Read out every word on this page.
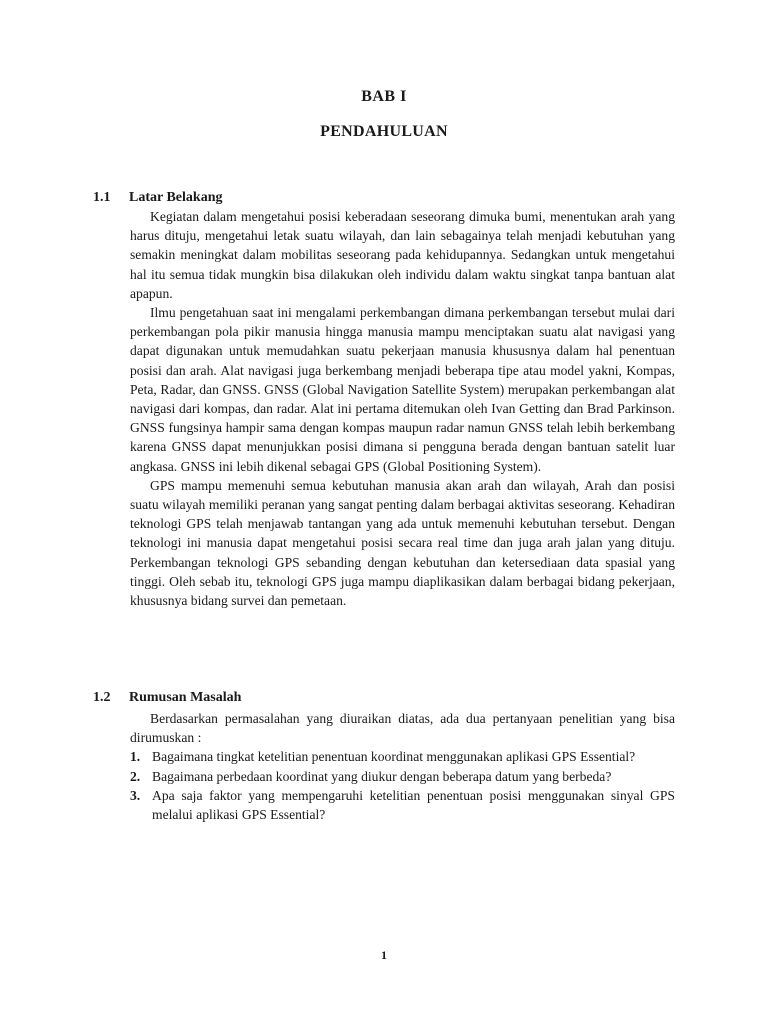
BAB I
PENDAHULUAN
1.1 Latar Belakang

Kegiatan dalam mengetahui posisi keberadaan seseorang dimuka bumi, menentukan arah yang harus dituju, mengetahui letak suatu wilayah, dan lain sebagainya telah menjadi kebutuhan yang semakin meningkat dalam mobilitas seseorang pada kehidupannya. Sedangkan untuk mengetahui hal itu semua tidak mungkin bisa dilakukan oleh individu dalam waktu singkat tanpa bantuan alat apapun.

Ilmu pengetahuan saat ini mengalami perkembangan dimana perkembangan tersebut mulai dari perkembangan pola pikir manusia hingga manusia mampu menciptakan suatu alat navigasi yang dapat digunakan untuk memudahkan suatu pekerjaan manusia khususnya dalam hal penentuan posisi dan arah. Alat navigasi juga berkembang menjadi beberapa tipe atau model yakni, Kompas, Peta, Radar, dan GNSS. GNSS (Global Navigation Satellite System) merupakan perkembangan alat navigasi dari kompas, dan radar. Alat ini pertama ditemukan oleh Ivan Getting dan Brad Parkinson. GNSS fungsinya hampir sama dengan kompas maupun radar namun GNSS telah lebih berkembang karena GNSS dapat menunjukkan posisi dimana si pengguna berada dengan bantuan satelit luar angkasa. GNSS ini lebih dikenal sebagai GPS (Global Positioning System).

GPS mampu memenuhi semua kebutuhan manusia akan arah dan wilayah, Arah dan posisi suatu wilayah memiliki peranan yang sangat penting dalam berbagai aktivitas seseorang. Kehadiran teknologi GPS telah menjawab tantangan yang ada untuk memenuhi kebutuhan tersebut. Dengan teknologi ini manusia dapat mengetahui posisi secara real time dan juga arah jalan yang dituju. Perkembangan teknologi GPS sebanding dengan kebutuhan dan ketersediaan data spasial yang tinggi. Oleh sebab itu, teknologi GPS juga mampu diaplikasikan dalam berbagai bidang pekerjaan, khususnya bidang survei dan pemetaan.

1.2 Rumusan Masalah

Berdasarkan permasalahan yang diuraikan diatas, ada dua pertanyaan penelitian yang bisa dirumuskan :

1. Bagaimana tingkat ketelitian penentuan koordinat menggunakan aplikasi GPS Essential?
2. Bagaimana perbedaan koordinat yang diukur dengan beberapa datum yang berbeda?
3. Apa saja faktor yang mempengaruhi ketelitian penentuan posisi menggunakan sinyal GPS melalui aplikasi GPS Essential?
1
